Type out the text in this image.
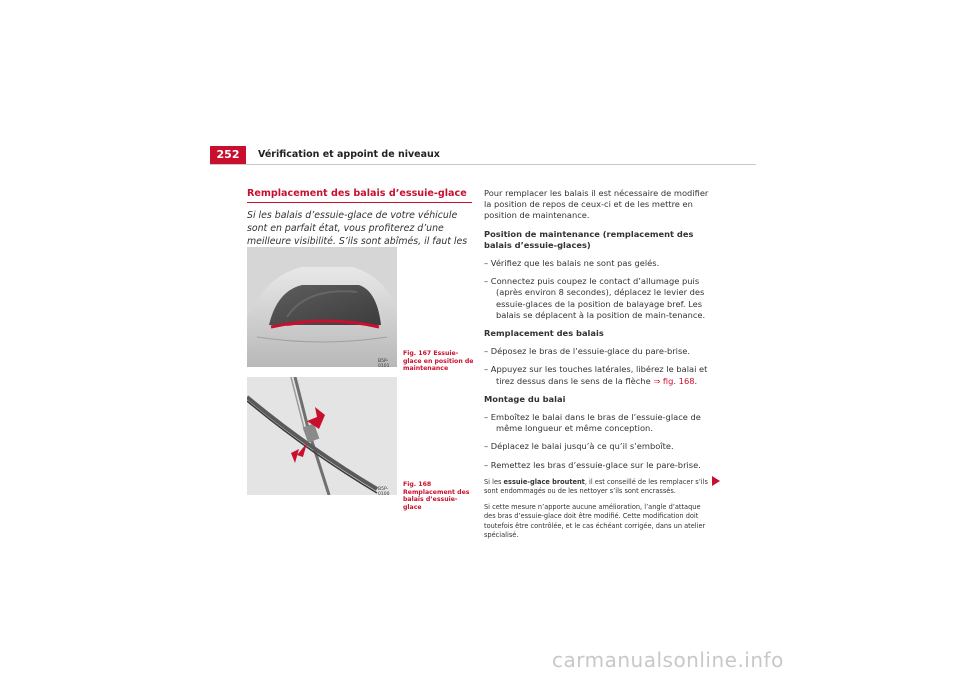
252	Vérification et appoint de niveaux
Remplacement des balais d’essuie-glace
Si les balais d’essuie-glace de votre véhicule sont en parfait état, vous profiterez d’une meilleure visibilité. S’ils sont abîmés, il faut les
B5P-0101
Fig. 167 Essuie-glace en position de maintenance
B5P-0100
Fig. 168 Remplacement des balais d’essuie-glace

Pour remplacer les balais il est nécessaire de modifier la position de repos de ceux-ci et de les mettre en position de maintenance.

Position de maintenance (remplacement des balais d’essuie-glaces)

– Vérifiez que les balais ne sont pas gelés.

– Connectez puis coupez le contact d’allumage puis (après environ 8 secondes), déplacez le levier des essuie-glaces de la position de balayage bref. Les balais se déplacent à la position de main-tenance.

Remplacement des balais

– Déposez le bras de l’essuie-glace du pare-brise.

– Appuyez sur les touches latérales, libérez le balai et tirez dessus dans le sens de la flèche ⇒ fig. 168.

Montage du balai

– Emboîtez le balai dans le bras de l’essuie-glace de même longueur et même conception.

– Déplacez le balai jusqu’à ce qu’il s’emboîte.

– Remettez les bras d’essuie-glace sur le pare-brise.

Si les essuie-glace broutent, il est conseillé de les remplacer s’ils sont endommagés ou de les nettoyer s’ils sont encrassés.

Si cette mesure n’apporte aucune amélioration, l’angle d’attaque des bras d’essuie-glace doit être modifié. Cette modification doit toutefois être contrôlée, et le cas échéant corrigée, dans un atelier spécialisé.

carmanualsonline.info
